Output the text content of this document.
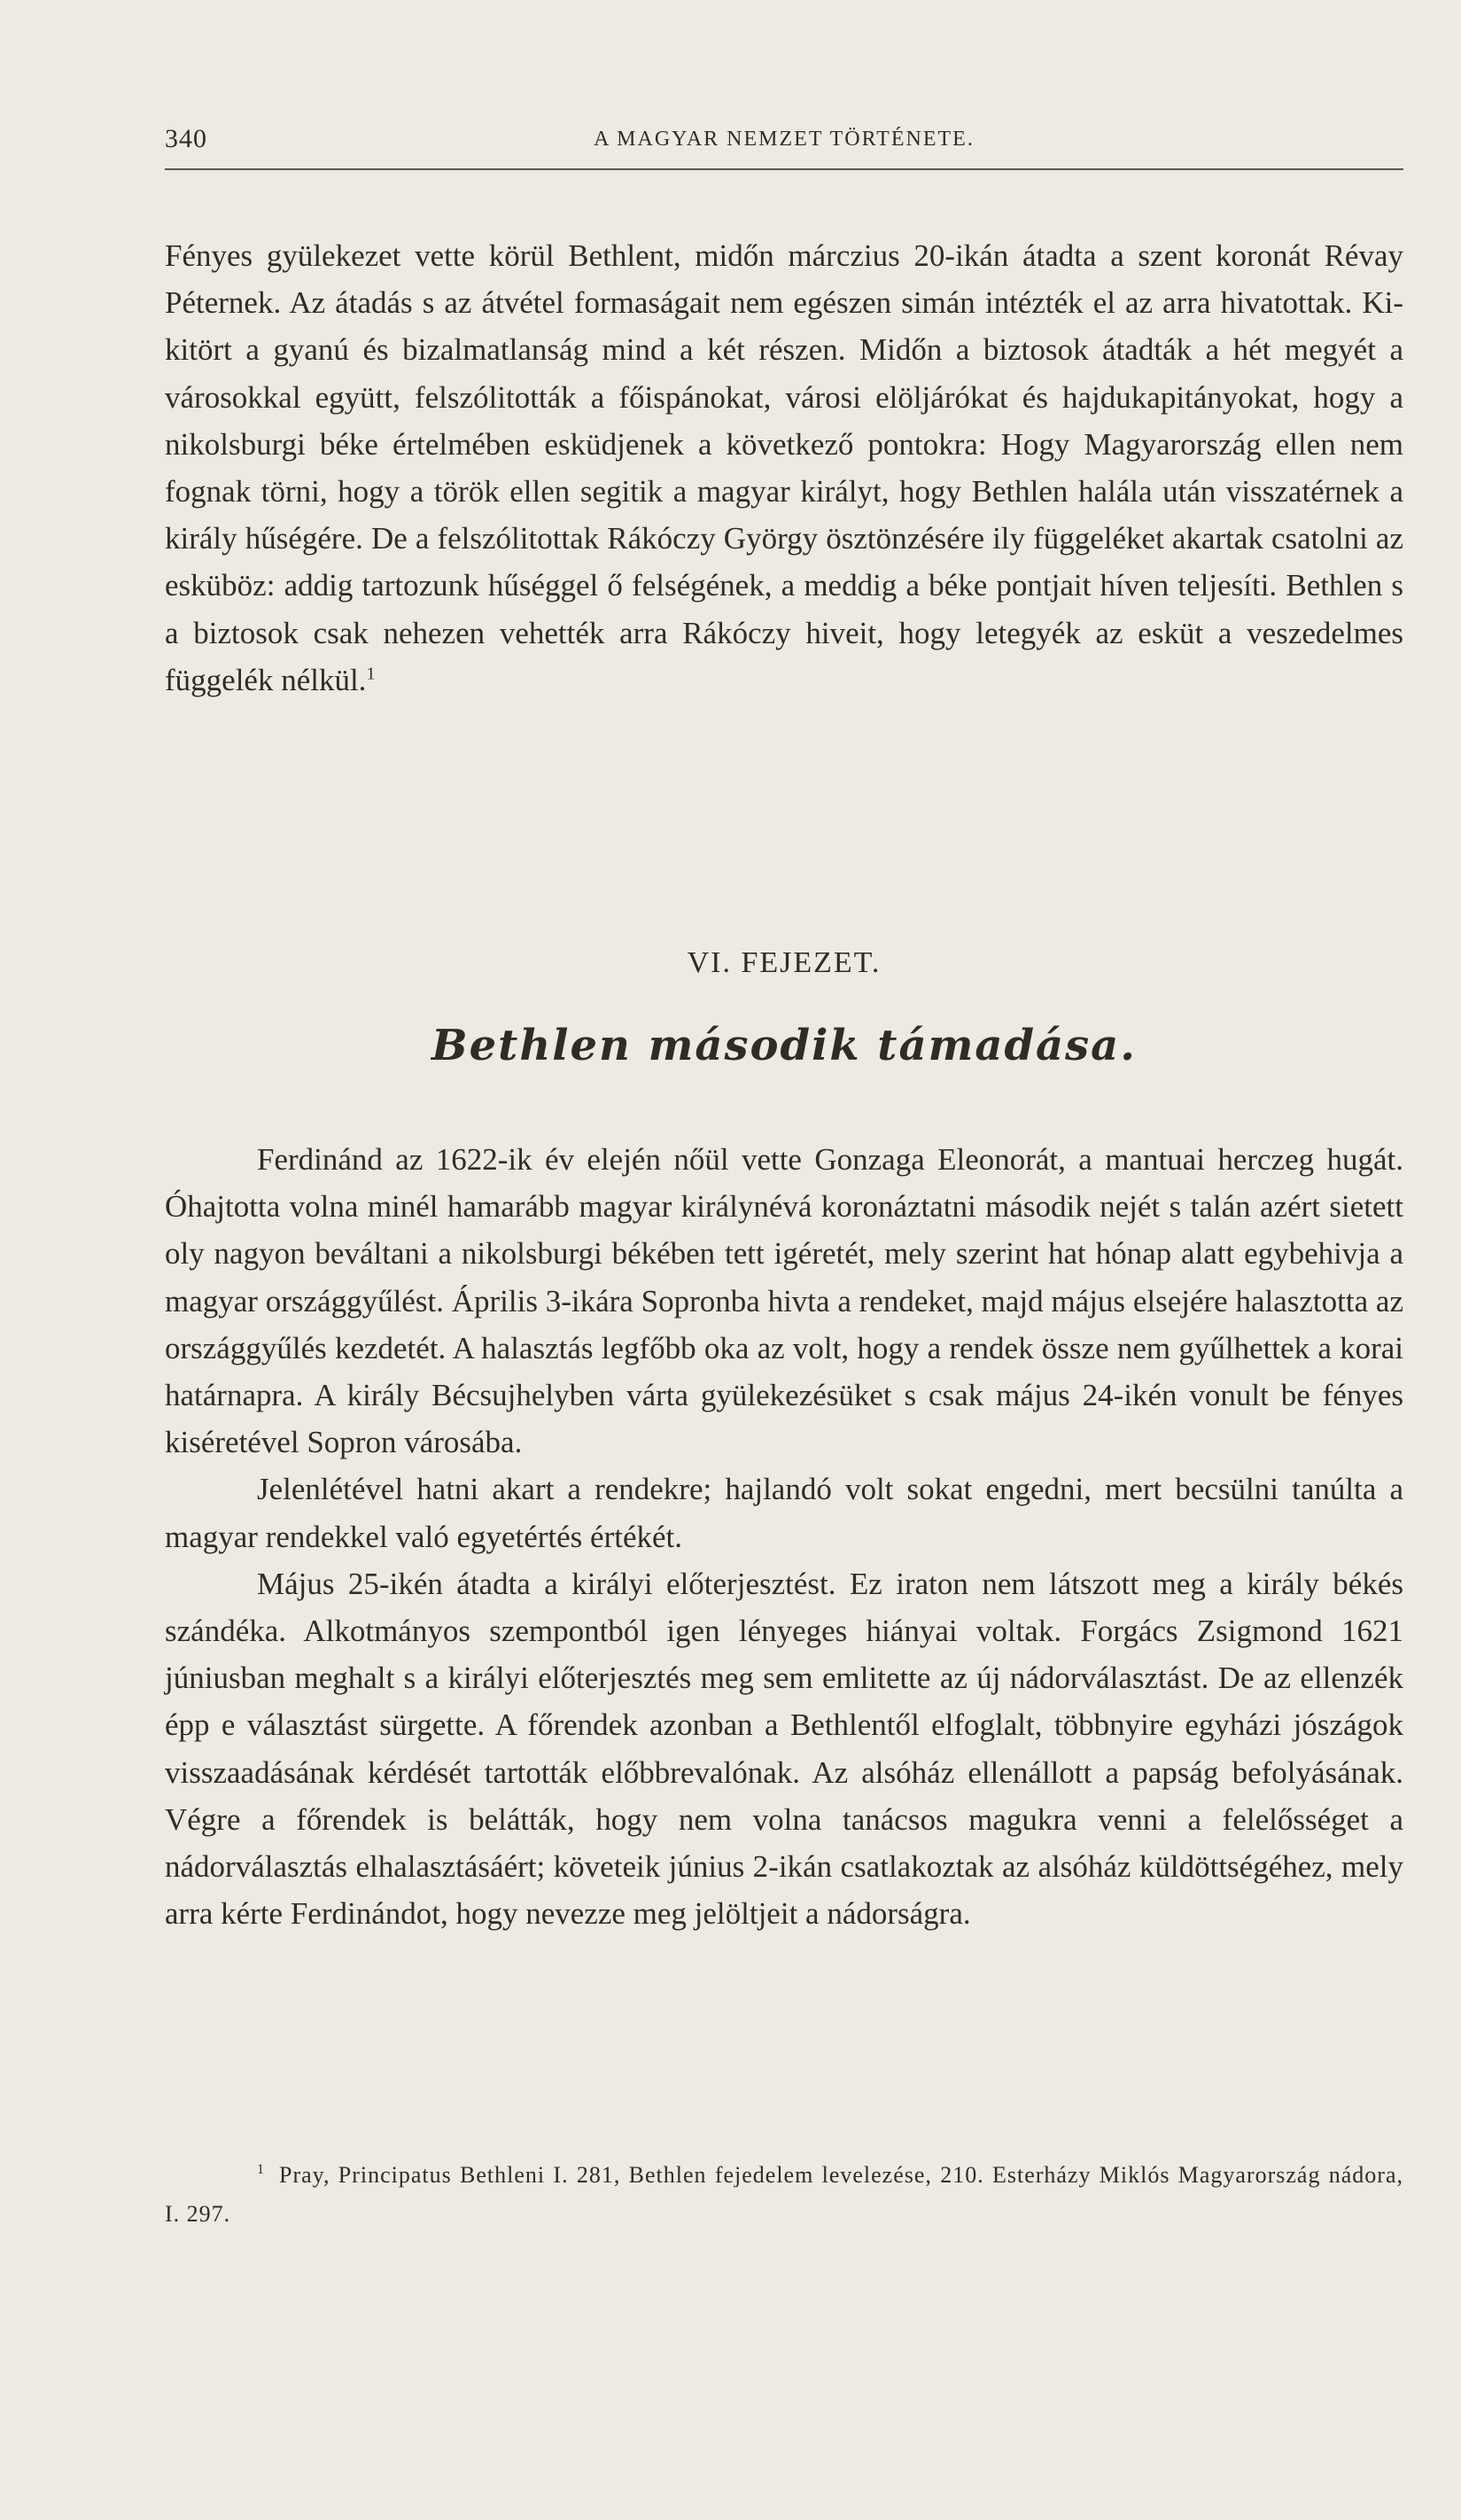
340	A MAGYAR NEMZET TÖRTÉNETE.

Fényes gyülekezet vette körül Bethlent, midőn márczius 20-ikán átadta a szent koronát Révay Péternek. Az átadás s az átvétel formaságait nem egészen simán intézték el az arra hivatottak. Ki-kitört a gyanú és bizalmatlanság mind a két részen. Midőn a biztosok átadták a hét megyét a városokkal együtt, felszólitották a főispánokat, városi elöljárókat és hajdukapitányokat, hogy a nikolsburgi béke értelmében esküdjenek a következő pontokra: Hogy Magyarország ellen nem fognak törni, hogy a török ellen segitik a magyar királyt, hogy Bethlen halála után visszatérnek a király hűségére. De a felszólitottak Rákóczy György ösztönzésére ily függeléket akartak csatolni az esküböz: addig tartozunk hűséggel ő felségének, a meddig a béke pontjait híven teljesíti. Bethlen s a biztosok csak nehezen vehették arra Rákóczy hiveit, hogy letegyék az esküt a veszedelmes függelék nélkül.$^1$

VI. FEJEZET.
Bethlen második támadása.

Ferdinánd az 1622-ik év elején nőül vette Gonzaga Eleonorát, a mantuai herczeg hugát. Óhajtotta volna minél hamarább magyar királynévá koronáztatni második nejét s talán azért sietett oly nagyon beváltani a nikolsburgi békében tett igéretét, mely szerint hat hónap alatt egybehivja a magyar országgyűlést. Április 3-ikára Sopronba hivta a rendeket, majd május elsejére halasztotta az országgyűlés kezdetét. A halasztás legfőbb oka az volt, hogy a rendek össze nem gyűlhettek a korai határnapra. A király Bécsujhelyben várta gyülekezésüket s csak május 24-ikén vonult be fényes kiséretével Sopron városába.

Jelenlétével hatni akart a rendekre; hajlandó volt sokat engedni, mert becsülni tanúlta a magyar rendekkel való egyetértés értékét.

Május 25-ikén átadta a királyi előterjesztést. Ez iraton nem látszott meg a király békés szándéka. Alkotmányos szempontból igen lényeges hiányai voltak. Forgács Zsigmond 1621 júniusban meghalt s a királyi előterjesztés meg sem emlitette az új nádorválasztást. De az ellenzék épp e választást sürgette. A főrendek azonban a Bethlentől elfoglalt, többnyire egyházi jószágok visszaadásának kérdését tartották előbbrevalónak. Az alsóház ellenállott a papság befolyásának. Végre a főrendek is belátták, hogy nem volna tanácsos magukra venni a felelősséget a nádorválasztás elhalasztásáért; követeik június 2-ikán csatlakoztak az alsóház küldöttségéhez, mely arra kérte Ferdinándot, hogy nevezze meg jelöltjeit a nádorságra.

$^1$ Pray, Principatus Bethleni I. 281, Bethlen fejedelem levelezése, 210. Esterházy Miklós Magyarország nádora, I. 297.
